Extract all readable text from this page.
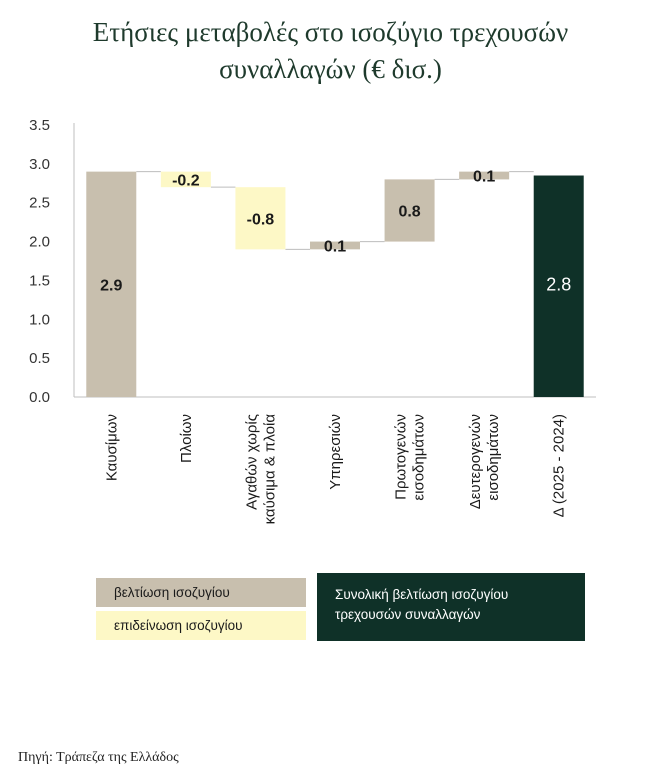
Ετήσιες μεταβολές στο ισοζύγιο τρεχουσών
συναλλαγών (€ δισ.)
0.0
0.5
1.0
1.5
2.0
2.5
3.0
3.5
2.9
-0.2
-0.8
0.1
0.8
0.1
2.8
Καυσίμων	Πλοίων	Αγαθών χωρίς καύσιμα & πλοία	Υπηρεσιών	Πρωτογενών εισοδημάτων	Δευτερογενών εισοδημάτων	Δ (2025 - 2024)
βελτίωση ισοζυγίου
επιδείνωση ισοζυγίου
Συνολική βελτίωση ισοζυγίου
τρεχουσών συναλλαγών
Πηγή: Τράπεζα της Ελλάδος
